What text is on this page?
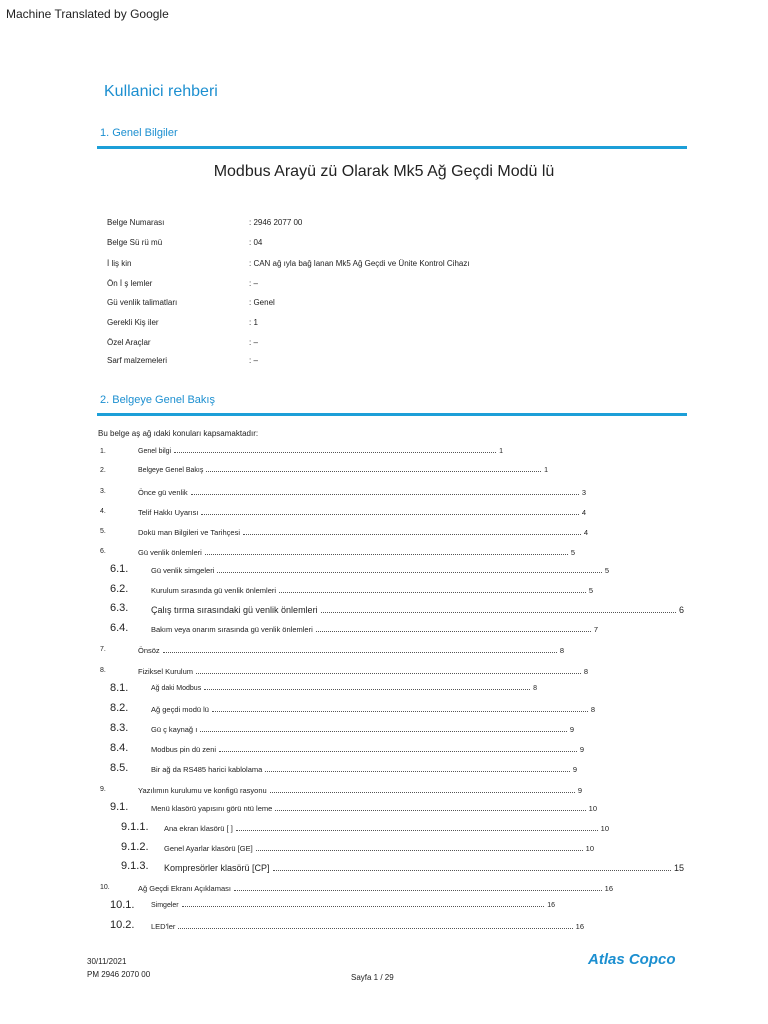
Machine Translated by Google
Kullanici rehberi
1. Genel Bilgiler
Modbus Arayü zü Olarak Mk5 Ağ Geçdi Modü lü
Belge Numarası	: 2946 2077 00
Belge Sü rü mü	: 04
İ liş kin	: CAN ağ ıyla bağ lanan Mk5 Ağ Geçdi ve Ünite Kontrol Cihazı
Ön İ ş lemler	: –
Gü venlik talimatları	: Genel
Gerekli Kiş iler	: 1
Özel Araçlar	: –
Sarf malzemeleri	: –
2. Belgeye Genel Bakış
Bu belge aş ağ ıdaki konuları kapsamaktadır:
1.	Genel bilgi	1
2.	Belgeye Genel Bakış	1
3.	Önce gü venlik	3
4.	Telif Hakkı Uyarısı	4
5.	Dokü man Bilgileri ve Tarihçesi	4
6.	Gü venlik önlemleri	5
6.1.	Gü venlik simgeleri	5
6.2.	Kurulum sırasında gü venlik önlemleri	5
6.3.	Çalış tırma sırasındaki gü venlik önlemleri	6
6.4.	Bakım veya onarım sırasında gü venlik önlemleri	7
7.	Önsöz	8
8.	Fiziksel Kurulum	8
8.1.	Ağ daki Modbus	8
8.2.	Ağ geçdi modü lü	8
8.3.	Gü ç kaynağ ı	9
8.4.	Modbus pin dü zeni	9
8.5.	Bir ağ da RS485 harici kablolama	9
9.	Yazılımın kurulumu ve konfigü rasyonu	9
9.1.	Menü klasörü yapısını görü ntü leme	10
9.1.1. Ana ekran klasörü [ ]	10
9.1.2. Genel Ayarlar klasörü [GE]	10
9.1.3. Kompresörler klasörü [CP]	15
10.	Ağ Geçdi Ekranı Açıklaması	16
10.1. Simgeler	16
10.2. LED'ler	16
30/11/2021
PM 2946 2070 00	Sayfa 1 / 29
Atlas Copco
